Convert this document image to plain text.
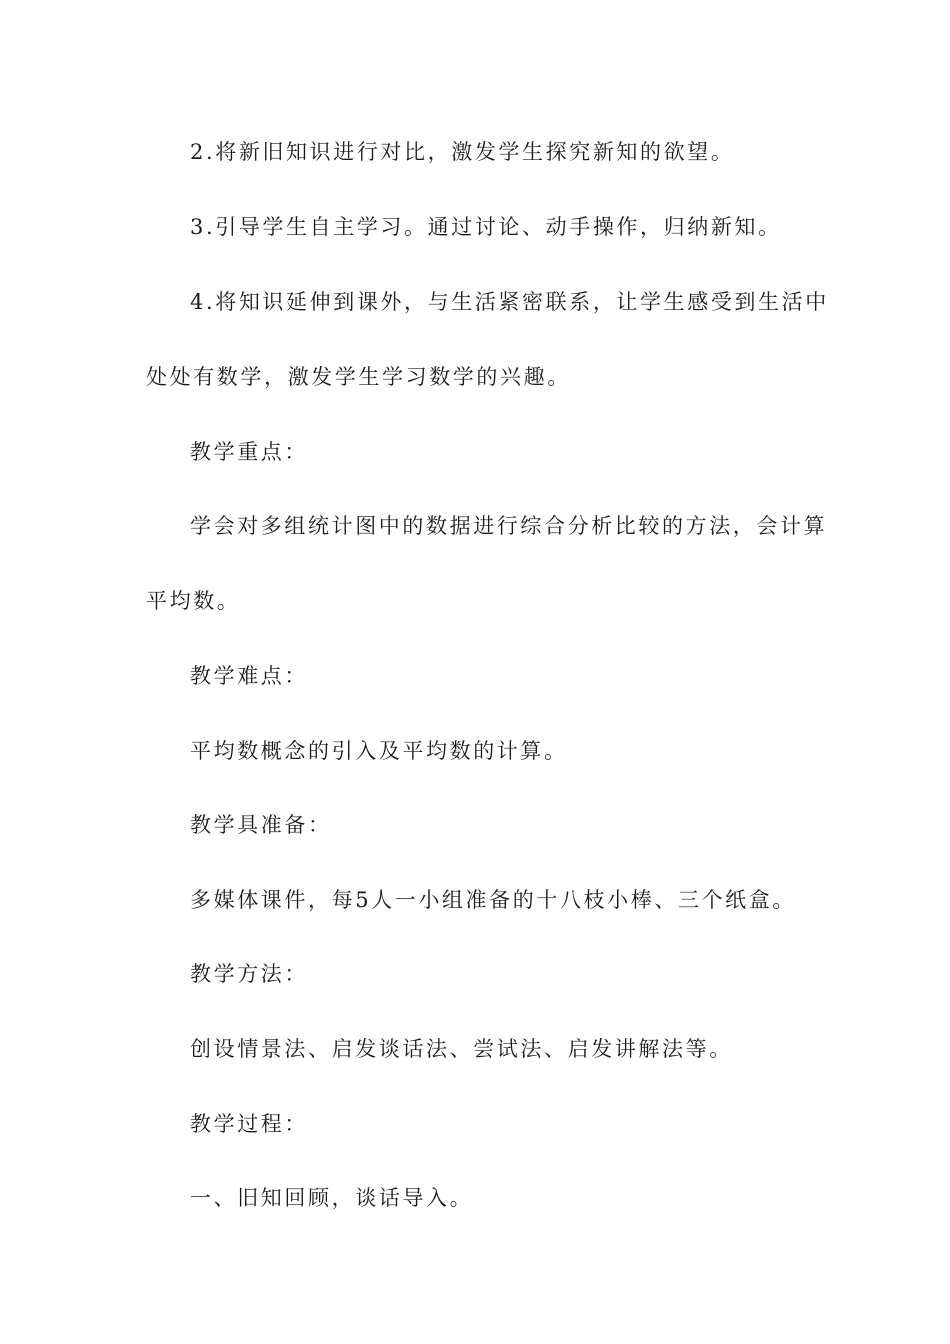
2.将新旧知识进行对比，激发学生探究新知的欲望。
3.引导学生自主学习。通过讨论、动手操作，归纳新知。
4.将知识延伸到课外，与生活紧密联系，让学生感受到生活中
处处有数学，激发学生学习数学的兴趣。
教学重点：
学会对多组统计图中的数据进行综合分析比较的方法，会计算
平均数。
教学难点：
平均数概念的引入及平均数的计算。
教学具准备：
多媒体课件，每5人一小组准备的十八枝小棒、三个纸盒。
教学方法：
创设情景法、启发谈话法、尝试法、启发讲解法等。
教学过程：
一、旧知回顾，谈话导入。
